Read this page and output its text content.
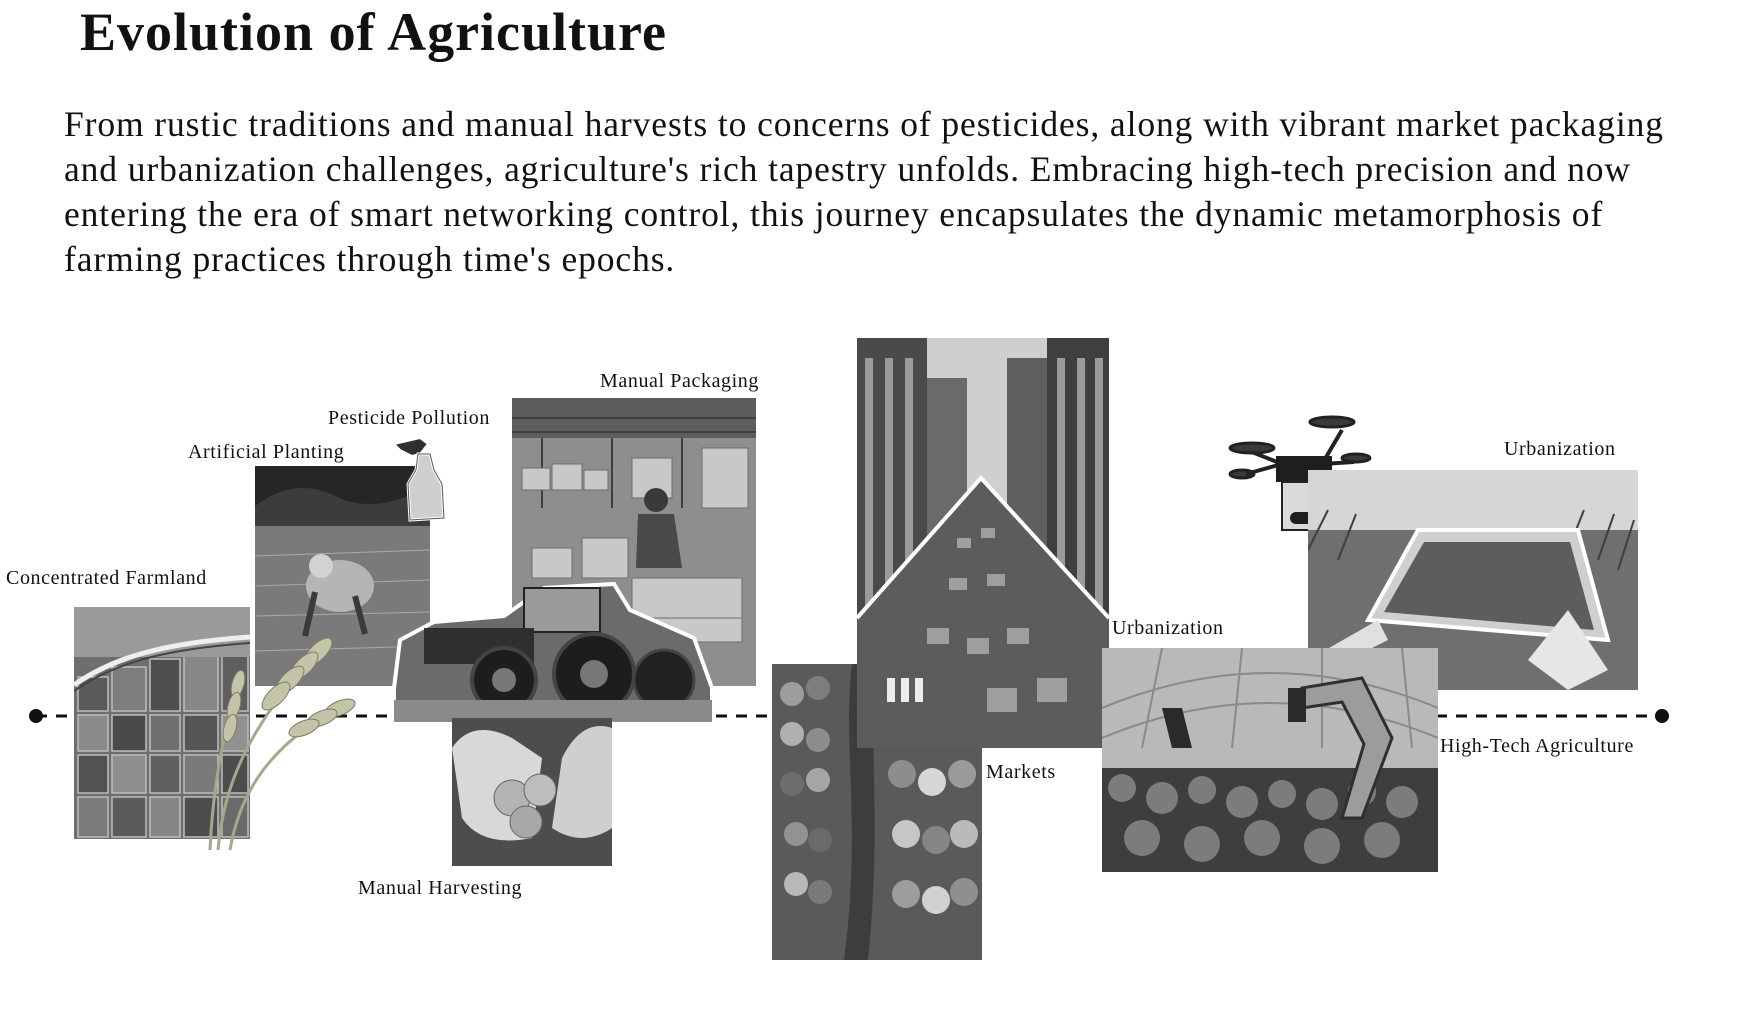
Evolution of Agriculture

From rustic traditions and manual harvests to concerns of pesticides, along with vibrant market packaging and urbanization challenges, agriculture's rich tapestry unfolds. Embracing high-tech precision and now entering the era of smart networking control, this journey encapsulates the dynamic metamorphosis of farming practices through time's epochs.

Concentrated Farmland
Artificial Planting
Pesticide Pollution
Manual Packaging
Manual Harvesting
Markets
Urbanization
Urbanization
High-Tech Agriculture
